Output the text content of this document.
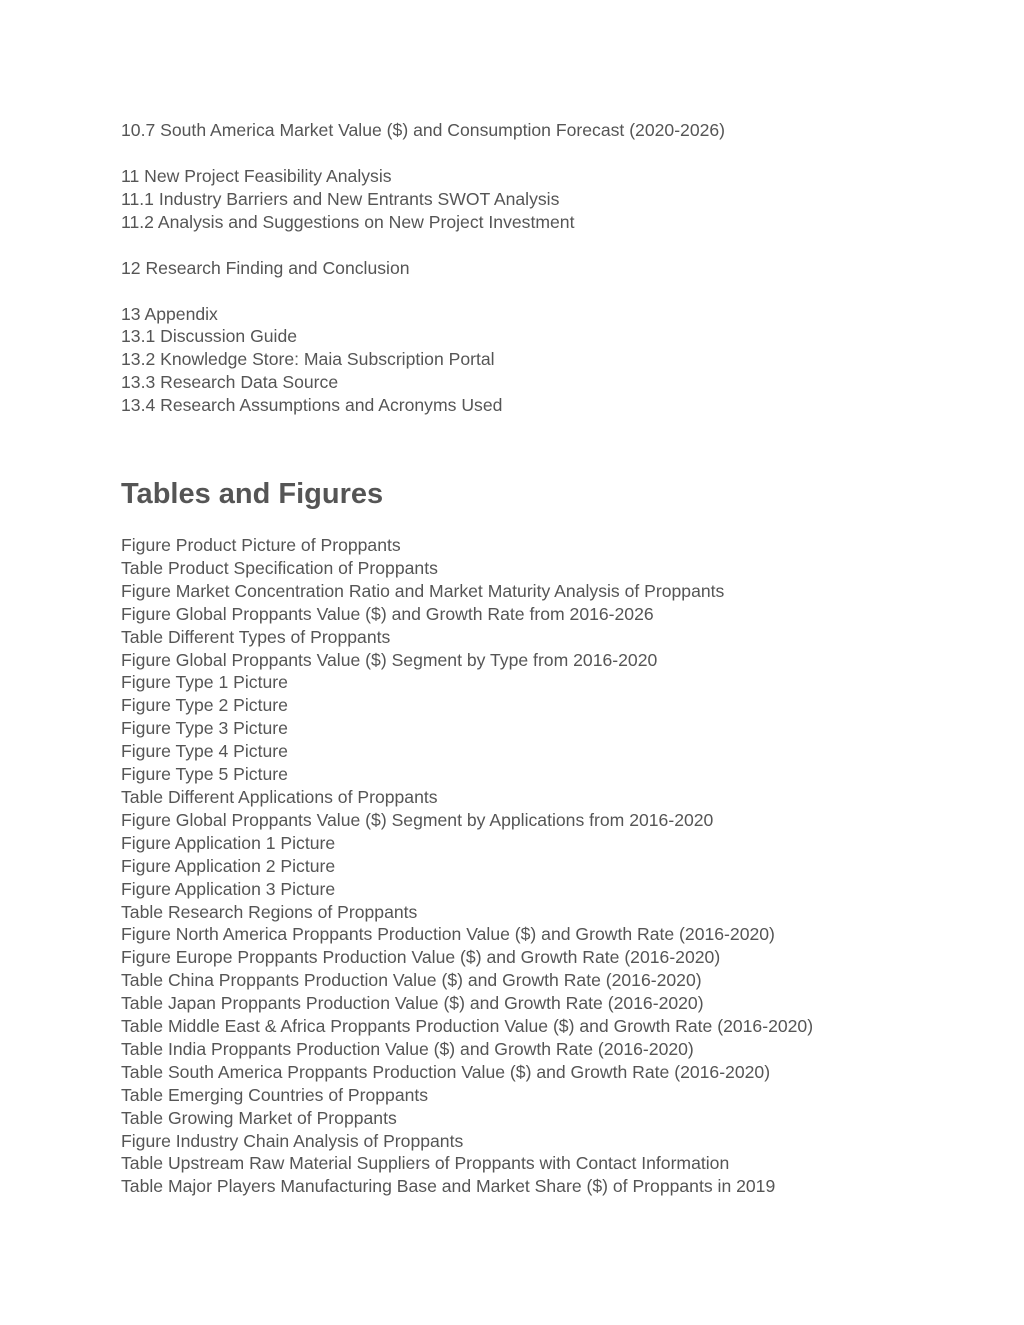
10.7 South America Market Value ($) and Consumption Forecast (2020-2026)
11 New Project Feasibility Analysis
11.1 Industry Barriers and New Entrants SWOT Analysis
11.2 Analysis and Suggestions on New Project Investment
12 Research Finding and Conclusion
13 Appendix
13.1 Discussion Guide
13.2 Knowledge Store: Maia Subscription Portal
13.3 Research Data Source
13.4 Research Assumptions and Acronyms Used
Tables and Figures
Figure Product Picture of Proppants
Table Product Specification of Proppants
Figure Market Concentration Ratio and Market Maturity Analysis of Proppants
Figure Global Proppants Value ($) and Growth Rate from 2016-2026
Table Different Types of Proppants
Figure Global Proppants Value ($) Segment by Type from 2016-2020
Figure Type 1 Picture
Figure Type 2 Picture
Figure Type 3 Picture
Figure Type 4 Picture
Figure Type 5 Picture
Table Different Applications of Proppants
Figure Global Proppants Value ($) Segment by Applications from 2016-2020
Figure Application 1 Picture
Figure Application 2 Picture
Figure Application 3 Picture
Table Research Regions of Proppants
Figure North America Proppants Production Value ($) and Growth Rate (2016-2020)
Figure Europe Proppants Production Value ($) and Growth Rate (2016-2020)
Table China Proppants Production Value ($) and Growth Rate (2016-2020)
Table Japan Proppants Production Value ($) and Growth Rate (2016-2020)
Table Middle East & Africa Proppants Production Value ($) and Growth Rate (2016-2020)
Table India Proppants Production Value ($) and Growth Rate (2016-2020)
Table South America Proppants Production Value ($) and Growth Rate (2016-2020)
Table Emerging Countries of Proppants
Table Growing Market of Proppants
Figure Industry Chain Analysis of Proppants
Table Upstream Raw Material Suppliers of Proppants with Contact Information
Table Major Players Manufacturing Base and Market Share ($) of Proppants in 2019
